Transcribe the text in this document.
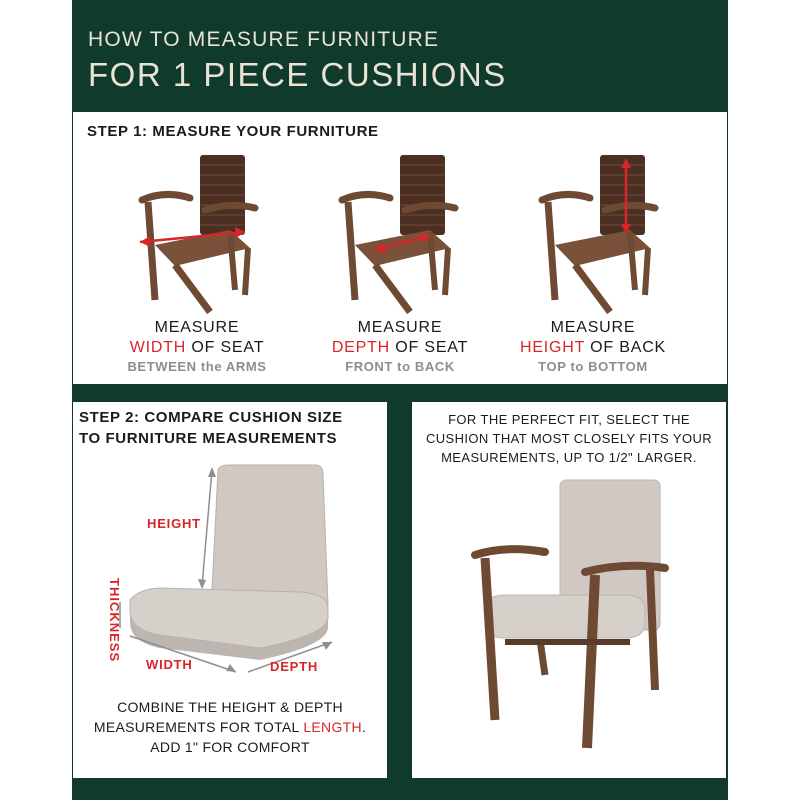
HOW TO MEASURE FURNITURE
FOR 1 PIECE CUSHIONS
STEP 1: MEASURE YOUR FURNITURE
MEASURE
WIDTH OF SEAT
BETWEEN the ARMS
MEASURE
DEPTH OF SEAT
FRONT to BACK
MEASURE
HEIGHT OF BACK
TOP to BOTTOM
STEP 2: COMPARE CUSHION SIZE
TO FURNITURE MEASUREMENTS
HEIGHT
THICKNESS
WIDTH	DEPTH
COMBINE THE HEIGHT & DEPTH
MEASUREMENTS FOR TOTAL LENGTH.
ADD 1" FOR COMFORT
FOR THE PERFECT FIT, SELECT THE
CUSHION THAT MOST CLOSELY FITS YOUR
MEASUREMENTS, UP TO 1/2" LARGER.
